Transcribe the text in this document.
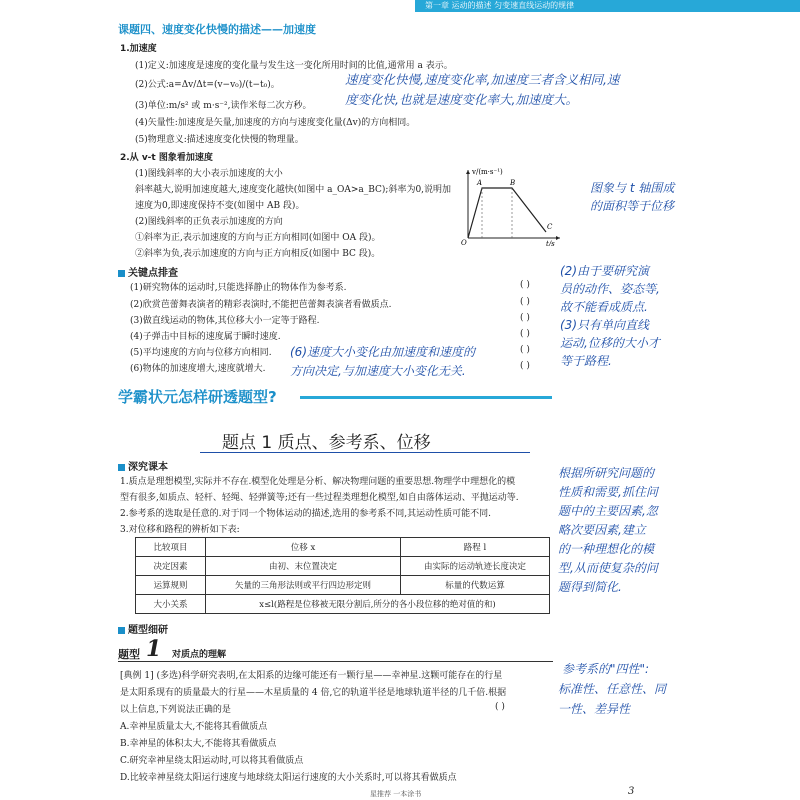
第一章 运动的描述 匀变速直线运动的规律
课题四、速度变化快慢的描述——加速度
1.加速度
(1)定义:加速度是速度的变化量与发生这一变化所用时间的比值,通常用 a 表示。
(2)公式:a=Δv/Δt=(v−v₀)/(t−t₀)。
(3)单位:m/s² 或 m·s⁻²,读作米每二次方秒。
(4)矢量性:加速度是矢量,加速度的方向与速度变化量(Δv)的方向相同。
(5)物理意义:描述速度变化快慢的物理量。
2.从 v-t 图象看加速度
(1)图线斜率的大小表示加速度的大小
斜率越大,说明加速度越大,速度变化越快(如图中 a_OA>a_BC);斜率为0,说明加
速度为0,即速度保持不变(如图中 AB 段)。
(2)图线斜率的正负表示加速度的方向
①斜率为正,表示加速度的方向与正方向相同(如图中 OA 段)。
②斜率为负,表示加速度的方向与正方向相反(如图中 BC 段)。
v/(m·s⁻¹)
t/s
A	B
C
O
速度变化快慢,速度变化率,加速度三者含义相同,速
度变化快,也就是速度变化率大,加速度大。
图象与 t 轴围成
的面积等于位移
关键点排查
(1)研究物体的运动时,只能选择静止的物体作为参考系.
(2)欣赏芭蕾舞表演者的精彩表演时,不能把芭蕾舞表演者看做质点.
(3)做直线运动的物体,其位移大小一定等于路程.
(4)子弹击中目标的速度属于瞬时速度.
(5)平均速度的方向与位移方向相同.
(6)物体的加速度增大,速度就增大.
( )
( )
( )
( )
( )
( )
(2)由于要研究演
员的动作、姿态等,
故不能看成质点.
(3)只有单向直线
运动,位移的大小才
等于路程.
(6)速度大小变化由加速度和速度的
方向决定,与加速度大小变化无关.
学霸状元怎样研透题型?
题点 1 质点、参考系、位移
深究课本
1.质点是理想模型,实际并不存在.模型化处理是分析、解决物理问题的重要思想.物理学中理想化的模
型有很多,如质点、轻杆、轻绳、轻弹簧等;还有一些过程类理想化模型,如自由落体运动、平抛运动等.
2.参考系的选取是任意的.对于同一个物体运动的描述,选用的参考系不同,其运动性质可能不同.
3.对位移和路程的辨析如下表:
比较项目	位移 x	路程 l
决定因素	由初、末位置决定	由实际的运动轨迹长度决定
运算规则	矢量的三角形法则或平行四边形定则	标量的代数运算
大小关系	x≤l(路程是位移被无限分割后,所分的各小段位移的绝对值的和)	
根据所研究问题的
性质和需要,抓住问
题中的主要因素,忽
略次要因素,建立
的一种理想化的模
型,从而使复杂的问
题得到简化.
题型细研
题型 1 对质点的理解
[典例 1] (多选)科学研究表明,在太阳系的边缘可能还有一颗行星——幸神星.这颗可能存在的行星
是太阳系现有的质量最大的行星——木星质量的 4 倍,它的轨道半径是地球轨道半径的几千倍.根据
以上信息,下列说法正确的是	( )
A.幸神星质量太大,不能将其看做质点
B.幸神星的体积太大,不能将其看做质点
C.研究幸神星绕太阳运动时,可以将其看做质点
D.比较幸神星绕太阳运行速度与地球绕太阳运行速度的大小关系时,可以将其看做质点
参考系的"四性":
标准性、任意性、同
一性、差异性
星推荐 一本涂书	3
